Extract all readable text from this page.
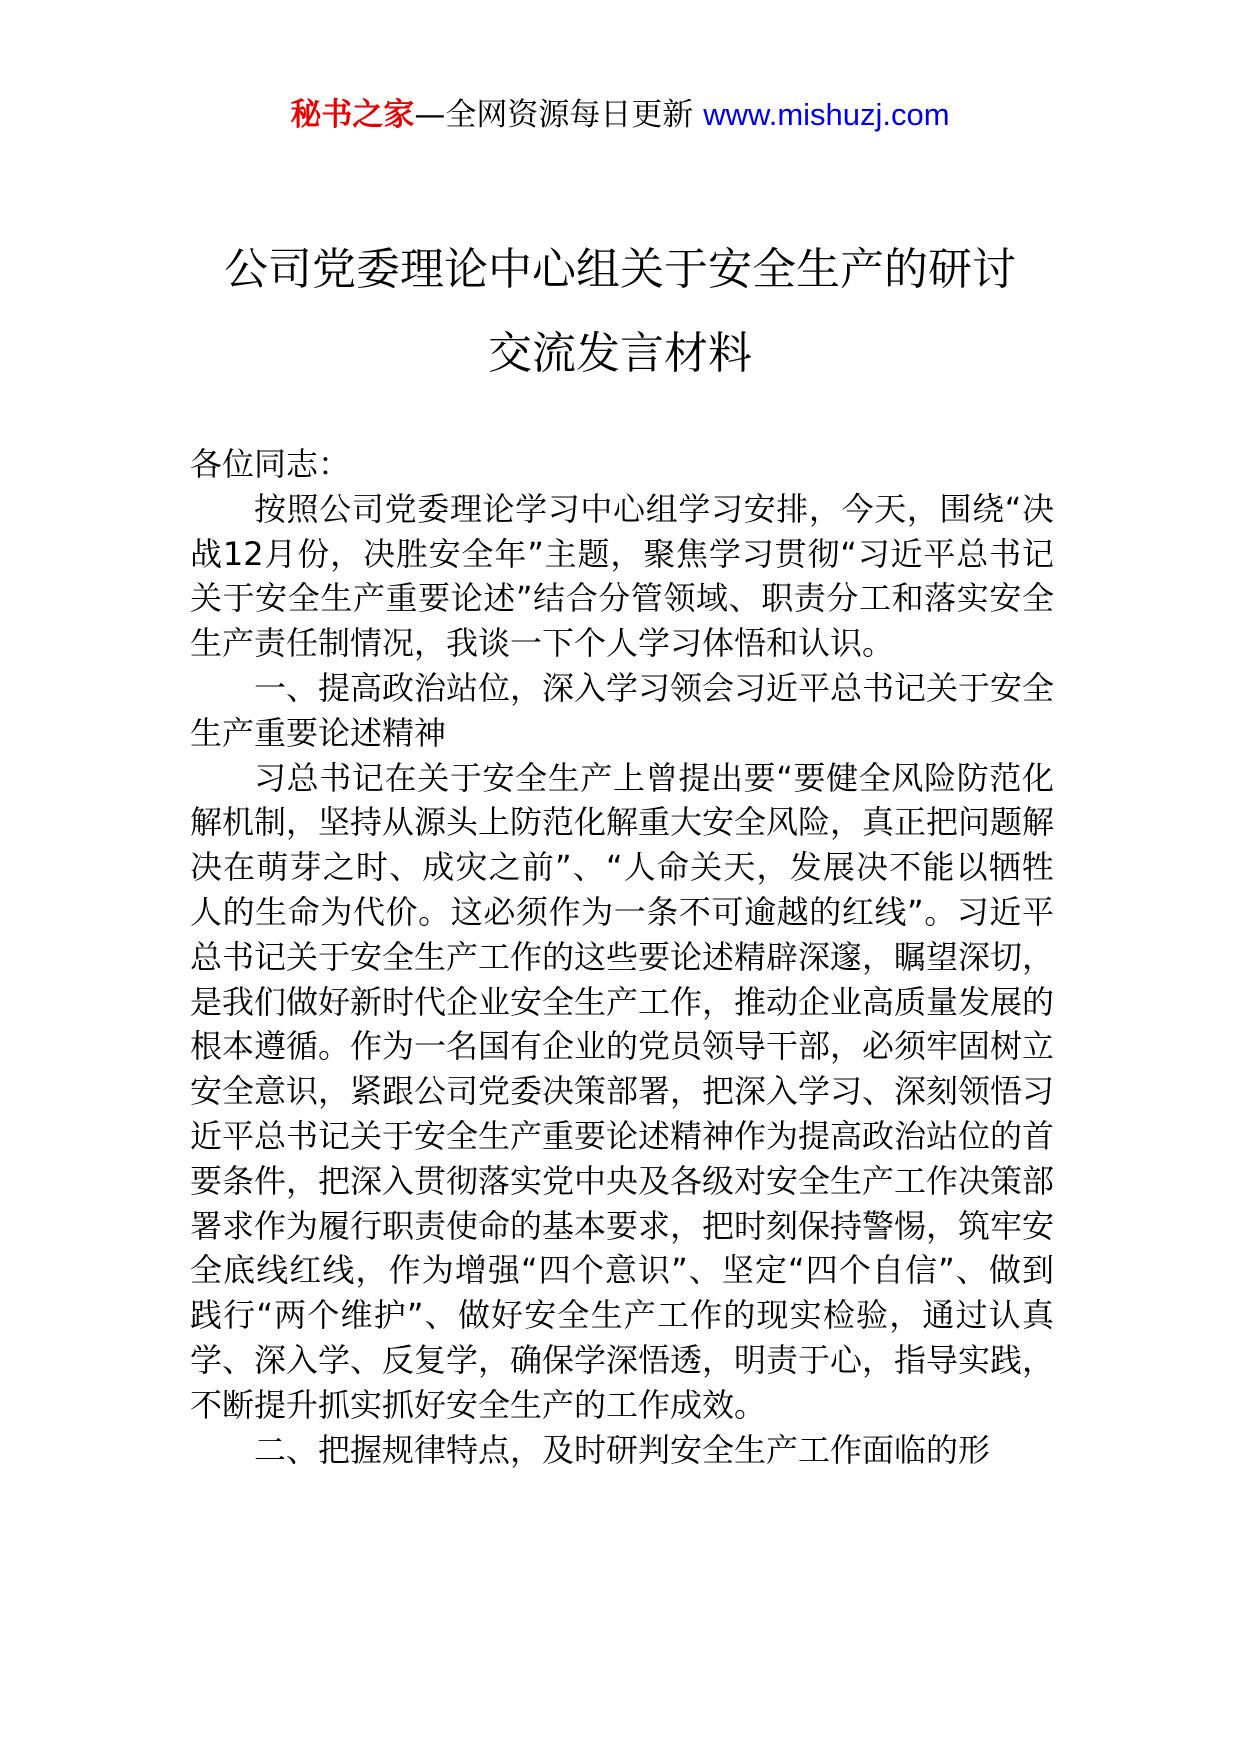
秘书之家—全网资源每日更新 www.mishuzj.com
公司党委理论中心组关于安全生产的研讨
交流发言材料

各位同志：

按照公司党委理论学习中心组学习安排，今天，围绕“决战12月份，决胜安全年”主题，聚焦学习贯彻“习近平总书记关于安全生产重要论述”结合分管领域、职责分工和落实安全生产责任制情况，我谈一下个人学习体悟和认识。

一、提高政治站位，深入学习领会习近平总书记关于安全生产重要论述精神

习总书记在关于安全生产上曾提出要“要健全风险防范化解机制，坚持从源头上防范化解重大安全风险，真正把问题解决在萌芽之时、成灾之前”、“人命关天，发展决不能以牺牲人的生命为代价。这必须作为一条不可逾越的红线”。习近平总书记关于安全生产工作的这些要论述精辟深邃，瞩望深切，是我们做好新时代企业安全生产工作，推动企业高质量发展的根本遵循。作为一名国有企业的党员领导干部，必须牢固树立安全意识，紧跟公司党委决策部署，把深入学习、深刻领悟习近平总书记关于安全生产重要论述精神作为提高政治站位的首要条件，把深入贯彻落实党中央及各级对安全生产工作决策部署求作为履行职责使命的基本要求，把时刻保持警惕，筑牢安全底线红线，作为增强“四个意识”、坚定“四个自信”、做到践行“两个维护”、做好安全生产工作的现实检验，通过认真学、深入学、反复学，确保学深悟透，明责于心，指导实践，不断提升抓实抓好安全生产的工作成效。

二、把握规律特点，及时研判安全生产工作面临的形
